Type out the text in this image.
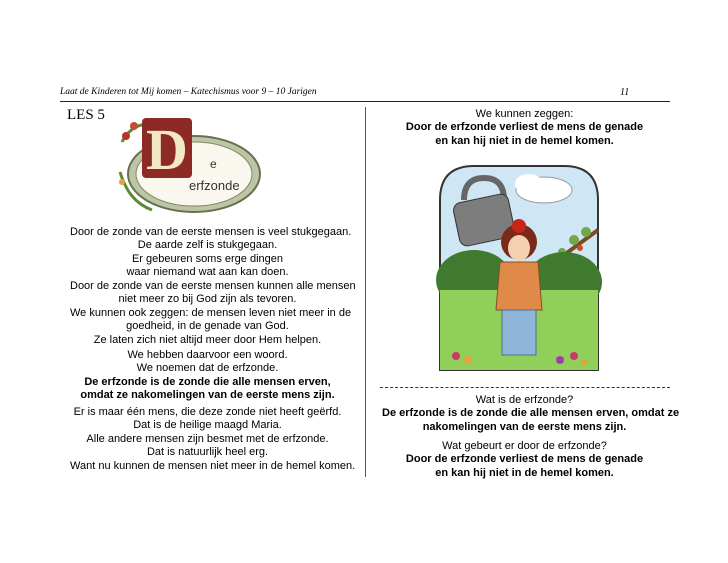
Laat de Kinderen tot Mij komen – Katechismus voor 9 – 10 Jarigen	11
LES 5
D e
erfzonde
Door de zonde van de eerste mensen is veel stukgegaan.
De aarde zelf is stukgegaan.
Er gebeuren soms erge dingen
waar niemand wat aan kan doen.
Door de zonde van de eerste mensen kunnen alle mensen
niet meer zo bij God zijn als tevoren.
We kunnen ook zeggen: de mensen leven niet meer in de
goedheid, in de genade van God.
Ze laten zich niet altijd meer door Hem helpen.
We hebben daarvoor een woord.
We noemen dat de erfzonde.
De erfzonde is de zonde die alle mensen erven,
omdat ze nakomelingen van de eerste mens zijn.
Er is maar één mens, die deze zonde niet heeft geërfd.
Dat is de heilige maagd Maria.
Alle andere mensen zijn besmet met de erfzonde.
Dat is natuurlijk heel erg.
Want nu kunnen de mensen niet meer in de hemel komen.
We kunnen zeggen:
Door de erfzonde verliest de mens de genade
en kan hij niet in de hemel komen.
Wat is de erfzonde?
De erfzonde is de zonde die alle mensen erven, omdat ze
nakomelingen van de eerste mens zijn.
Wat gebeurt er door de erfzonde?
Door de erfzonde verliest de mens de genade
en kan hij niet in de hemel komen.
